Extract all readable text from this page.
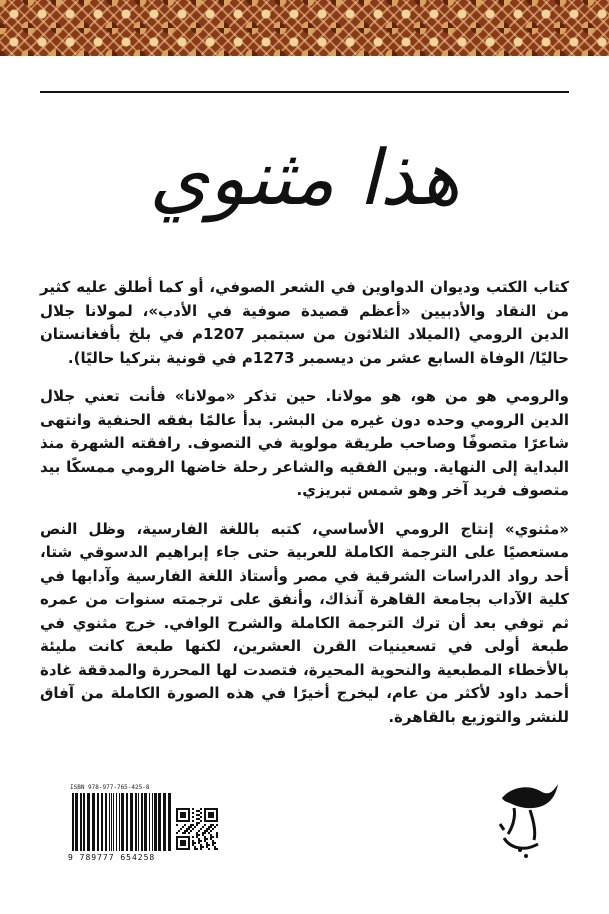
هذا مثنوي

كتاب الكتب وديوان الدواوين في الشعر الصوفي، أو كما أطلق عليه كثير من النقاد والأدبيين «أعظم قصيدة صوفية في الأدب»، لمولانا جلال الدين الرومي (الميلاد الثلاثون من سبتمبر 1207م في بلخ بأفغانستان حاليًا/ الوفاة السابع عشر من ديسمبر 1273م في قونية بتركيا حاليًا).

والرومي هو من هو، هو مولانا. حين تذكر «مولانا» فأنت تعني جلال الدين الرومي وحده دون غيره من البشر. بدأ عالمًا بفقه الحنفية وانتهى شاعرًا متصوفًا وصاحب طريقة مولوية في التصوف. رافقته الشهرة منذ البداية إلى النهاية. وبين الفقيه والشاعر رحلة خاضها الرومي ممسكًا بيد متصوف فريد آخر وهو شمس تبريزي.

«مثنوي» إنتاج الرومي الأساسي، كتبه باللغة الفارسية، وظل النص مستعصيًا على الترجمة الكاملة للعربية حتى جاء إبراهيم الدسوقي شتا، أحد رواد الدراسات الشرقية في مصر وأستاذ اللغة الفارسية وآدابها في كلية الآداب بجامعة القاهرة آنذاك، وأنفق على ترجمته سنوات من عمره ثم توفي بعد أن ترك الترجمة الكاملة والشرح الوافي. خرج مثنوي في طبعة أولى في تسعينيات القرن العشرين، لكنها طبعة كانت مليئة بالأخطاء المطبعية والنحوية المحيرة، فتصدت لها المحررة والمدققة غادة أحمد داود لأكثر من عام، ليخرج أخيرًا في هذه الصورة الكاملة من آفاق للنشر والتوزيع بالقاهرة.

ISBN 978-977-765-425-8
9 789777 654258
